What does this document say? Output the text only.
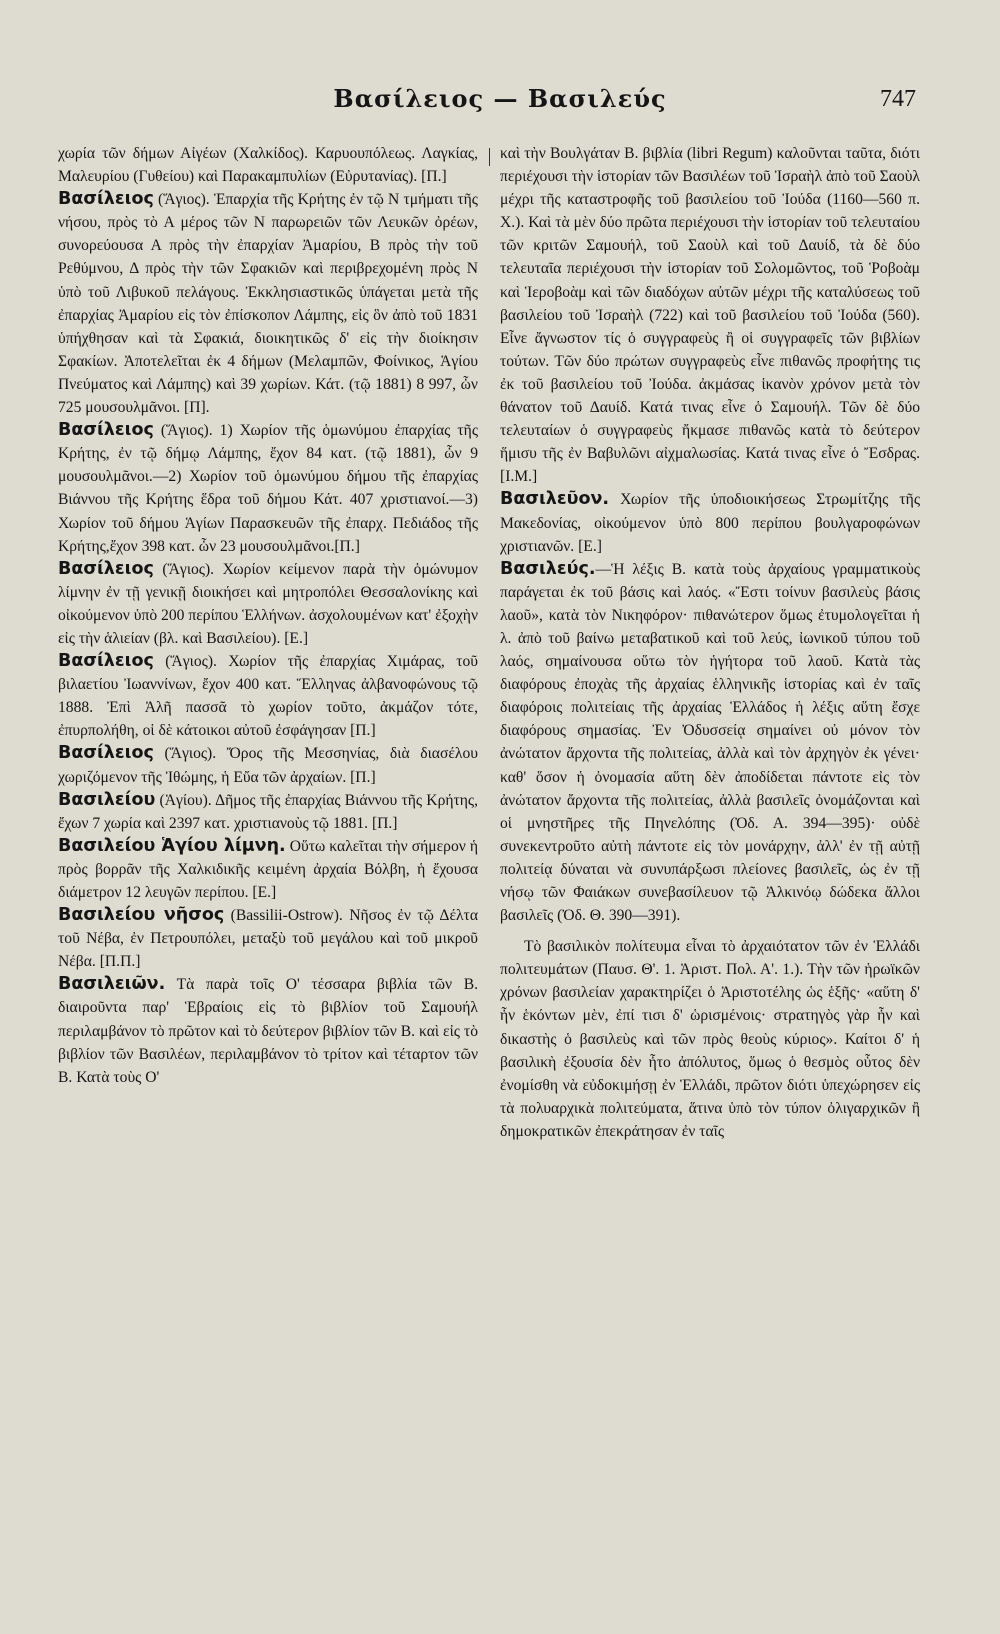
Βασίλειος — Βασιλεύς	747

χωρία τῶν δήμων Αἰγέων (Χαλκίδος). Καρυουπόλεως. Λαγκίας, Μαλευρίου (Γυθείου) καὶ Παρακαμπυλίων (Εὐρυτανίας). [Π.]

Βασίλειος (Ἅγιος). Ἐπαρχία τῆς Κρήτης ἐν τῷ Ν τμήματι τῆς νήσου, πρὸς τὸ Α μέρος τῶν Ν παρωρειῶν τῶν Λευκῶν ὀρέων, συνορεύουσα Α πρὸς τὴν ἐπαρχίαν Ἀμαρίου, Β πρὸς τὴν τοῦ Ρεθύμνου, Δ πρὸς τὴν τῶν Σφακιῶν καὶ περιβρεχομένη πρὸς Ν ὑπὸ τοῦ Λιβυκοῦ πελάγους. Ἐκκλησιαστικῶς ὑπάγεται μετὰ τῆς ἐπαρχίας Ἀμαρίου εἰς τὸν ἐπίσκοπον Λάμπης, εἰς ὃν ἀπὸ τοῦ 1831 ὑπήχθησαν καὶ τὰ Σφακιά, διοικητικῶς δ' εἰς τὴν διοίκησιν Σφακίων. Ἀποτελεῖται ἐκ 4 δήμων (Μελαμπῶν, Φοίνικος, Ἁγίου Πνεύματος καὶ Λάμπης) καὶ 39 χωρίων. Κάτ. (τῷ 1881) 8 997, ὧν 725 μουσουλμᾶνοι. [Π].

Βασίλειος (Ἅγιος). 1) Χωρίον τῆς ὁμωνύμου ἐπαρχίας τῆς Κρήτης, ἐν τῷ δήμῳ Λάμπης, ἔχον 84 κατ. (τῷ 1881), ὧν 9 μουσουλμᾶνοι.—2) Χωρίον τοῦ ὁμωνύμου δήμου τῆς ἐπαρχίας Βιάννου τῆς Κρήτης ἕδρα τοῦ δήμου Κάτ. 407 χριστιανοί.—3) Χωρίον τοῦ δήμου Ἁγίων Παρασκευῶν τῆς ἐπαρχ. Πεδιάδος τῆς Κρήτης,ἔχον 398 κατ. ὧν 23 μουσουλμᾶνοι.[Π.]

Βασίλειος (Ἅγιος). Χωρίον κείμενον παρὰ τὴν ὁμώνυμον λίμνην ἐν τῇ γενικῇ διοικήσει καὶ μητροπόλει Θεσσαλονίκης καὶ οἰκούμενον ὑπὸ 200 περίπου Ἑλλήνων. ἀσχολουμένων κατ' ἐξοχὴν εἰς τὴν ἁλιείαν (βλ. καὶ Βασιλείου). [Ε.]

Βασίλειος (Ἅγιος). Χωρίον τῆς ἐπαρχίας Χιμάρας, τοῦ βιλαετίου Ἰωαννίνων, ἔχον 400 κατ. Ἕλληνας ἀλβανοφώνους τῷ 1888. Ἐπὶ Ἀλῆ πασσᾶ τὸ χωρίον τοῦτο, ἀκμάζον τότε, ἐπυρπολήθη, οἱ δὲ κάτοικοι αὐτοῦ ἐσφάγησαν [Π.]

Βασίλειος (Ἅγιος). Ὄρος τῆς Μεσσηνίας, διὰ διασέλου χωριζόμενον τῆς Ἰθώμης, ἡ Εὔα τῶν ἀρχαίων. [Π.]

Βασιλείου (Ἁγίου). Δῆμος τῆς ἐπαρχίας Βιάννου τῆς Κρήτης, ἔχων 7 χωρία καὶ 2397 κατ. χριστιανοὺς τῷ 1881. [Π.]

Βασιλείου Ἁγίου λίμνη. Οὕτω καλεῖται τὴν σήμερον ἡ πρὸς βορρᾶν τῆς Χαλκιδικῆς κειμένη ἀρχαία Βόλβη, ἡ ἔχουσα διάμετρον 12 λευγῶν περίπου. [Ε.]

Βασιλείου νῆσος (Bassilii-Ostrow). Νῆσος ἐν τῷ Δέλτα τοῦ Νέβα, ἐν Πετρουπόλει, μεταξὺ τοῦ μεγάλου καὶ τοῦ μικροῦ Νέβα. [Π.Π.]

Βασιλειῶν. Τὰ παρὰ τοῖς Ο' τέσσαρα βιβλία τῶν Β. διαιροῦντα παρ' Ἑβραίοις εἰς τὸ βιβλίον τοῦ Σαμουήλ περιλαμβάνον τὸ πρῶτον καὶ τὸ δεύτερον βιβλίον τῶν Β. καὶ εἰς τὸ βιβλίον τῶν Βασιλέων, περιλαμβάνον τὸ τρίτον καὶ τέταρτον τῶν Β. Κατὰ τοὺς Ο'

καὶ τὴν Βουλγάταν Β. βιβλία (libri Regum) καλοῦνται ταῦτα, διότι περιέχουσι τὴν ἱστορίαν τῶν Βασιλέων τοῦ Ἰσραὴλ ἀπὸ τοῦ Σαοὺλ μέχρι τῆς καταστροφῆς τοῦ βασιλείου τοῦ Ἰούδα (1160—560 π. Χ.). Καὶ τὰ μὲν δύο πρῶτα περιέχουσι τὴν ἱστορίαν τοῦ τελευταίου τῶν κριτῶν Σαμουήλ, τοῦ Σαοὺλ καὶ τοῦ Δαυίδ, τὰ δὲ δύο τελευταῖα περιέχουσι τὴν ἱστορίαν τοῦ Σολομῶντος, τοῦ Ῥοβοὰμ καὶ Ἱεροβοὰμ καὶ τῶν διαδόχων αὐτῶν μέχρι τῆς καταλύσεως τοῦ βασιλείου τοῦ Ἰσραὴλ (722) καὶ τοῦ βασιλείου τοῦ Ἰούδα (560). Εἶνε ἄγνωστον τίς ὁ συγγραφεὺς ἢ οἱ συγγραφεῖς τῶν βιβλίων τούτων. Τῶν δύο πρώτων συγγραφεὺς εἶνε πιθανῶς προφήτης τις ἐκ τοῦ βασιλείου τοῦ Ἰούδα. ἀκμάσας ἱκανὸν χρόνον μετὰ τὸν θάνατον τοῦ Δαυίδ. Κατά τινας εἶνε ὁ Σαμουήλ. Τῶν δὲ δύο τελευταίων ὁ συγγραφεὺς ἤκμασε πιθανῶς κατὰ τὸ δεύτερον ἥμισυ τῆς ἐν Βαβυλῶνι αἰχμαλωσίας. Κατά τινας εἶνε ὁ Ἔσδρας. [Ι.Μ.]

Βασιλεῦον. Χωρίον τῆς ὑποδιοικήσεως Στρωμίτζης τῆς Μακεδονίας, οἰκούμενον ὑπὸ 800 περίπου βουλγαροφώνων χριστιανῶν. [Ε.]

Βασιλεύς.—Ἡ λέξις Β. κατὰ τοὺς ἀρχαίους γραμματικοὺς παράγεται ἐκ τοῦ βάσις καὶ λαός. «Ἔστι τοίνυν βασιλεὺς βάσις λαοῦ», κατὰ τὸν Νικηφόρον· πιθανώτερον ὅμως ἐτυμολογεῖται ἡ λ. ἀπὸ τοῦ βαίνω μεταβατικοῦ καὶ τοῦ λεύς, ἰωνικοῦ τύπου τοῦ λαός, σημαίνουσα οὕτω τὸν ἡγήτορα τοῦ λαοῦ. Κατὰ τὰς διαφόρους ἐποχὰς τῆς ἀρχαίας ἑλληνικῆς ἱστορίας καὶ ἐν ταῖς διαφόροις πολιτείαις τῆς ἀρχαίας Ἑλλάδος ἡ λέξις αὕτη ἔσχε διαφόρους σημασίας. Ἐν Ὀδυσσείᾳ σημαίνει οὐ μόνον τὸν ἀνώτατον ἄρχοντα τῆς πολιτείας, ἀλλὰ καὶ τὸν ἀρχηγὸν ἐκ γένει· καθ' ὅσον ἡ ὀνομασία αὕτη δὲν ἀποδίδεται πάντοτε εἰς τὸν ἀνώτατον ἄρχοντα τῆς πολιτείας, ἀλλὰ βασιλεῖς ὀνομάζονται καὶ οἱ μνηστῆρες τῆς Πηνελόπης (Ὀδ. Α. 394—395)· οὐδὲ συνεκεντροῦτο αὐτὴ πάντοτε εἰς τὸν μονάρχην, ἀλλ' ἐν τῇ αὐτῇ πολιτείᾳ δύναται νὰ συνυπάρξωσι πλείονες βασιλεῖς, ὡς ἐν τῇ νήσῳ τῶν Φαιάκων συνεβασίλευον τῷ Ἀλκινόῳ δώδεκα ἄλλοι βασιλεῖς (Ὀδ. Θ. 390—391).

Τὸ βασιλικὸν πολίτευμα εἶναι τὸ ἀρχαιότατον τῶν ἐν Ἑλλάδι πολιτευμάτων (Παυσ. Θ'. 1. Ἀριστ. Πολ. Α'. 1.). Τὴν τῶν ἡρωϊκῶν χρόνων βασιλείαν χαρακτηρίζει ὁ Ἀριστοτέλης ὡς ἑξῆς· «αὕτη δ' ἦν ἑκόντων μὲν, ἐπί τισι δ' ὡρισμένοις· στρατηγὸς γὰρ ἦν καὶ δικαστὴς ὁ βασιλεὺς καὶ τῶν πρὸς θεοὺς κύριος». Καίτοι δ' ἡ βασιλικὴ ἐξουσία δὲν ἦτο ἀπόλυτος, ὅμως ὁ θεσμὸς οὗτος δὲν ἐνομίσθη νὰ εὐδοκιμήσῃ ἐν Ἑλλάδι, πρῶτον διότι ὑπεχώρησεν εἰς τὰ πολυαρχικὰ πολιτεύματα, ἅτινα ὑπὸ τὸν τύπον ὀλιγαρχικῶν ἢ δημοκρατικῶν ἐπεκράτησαν ἐν ταῖς
